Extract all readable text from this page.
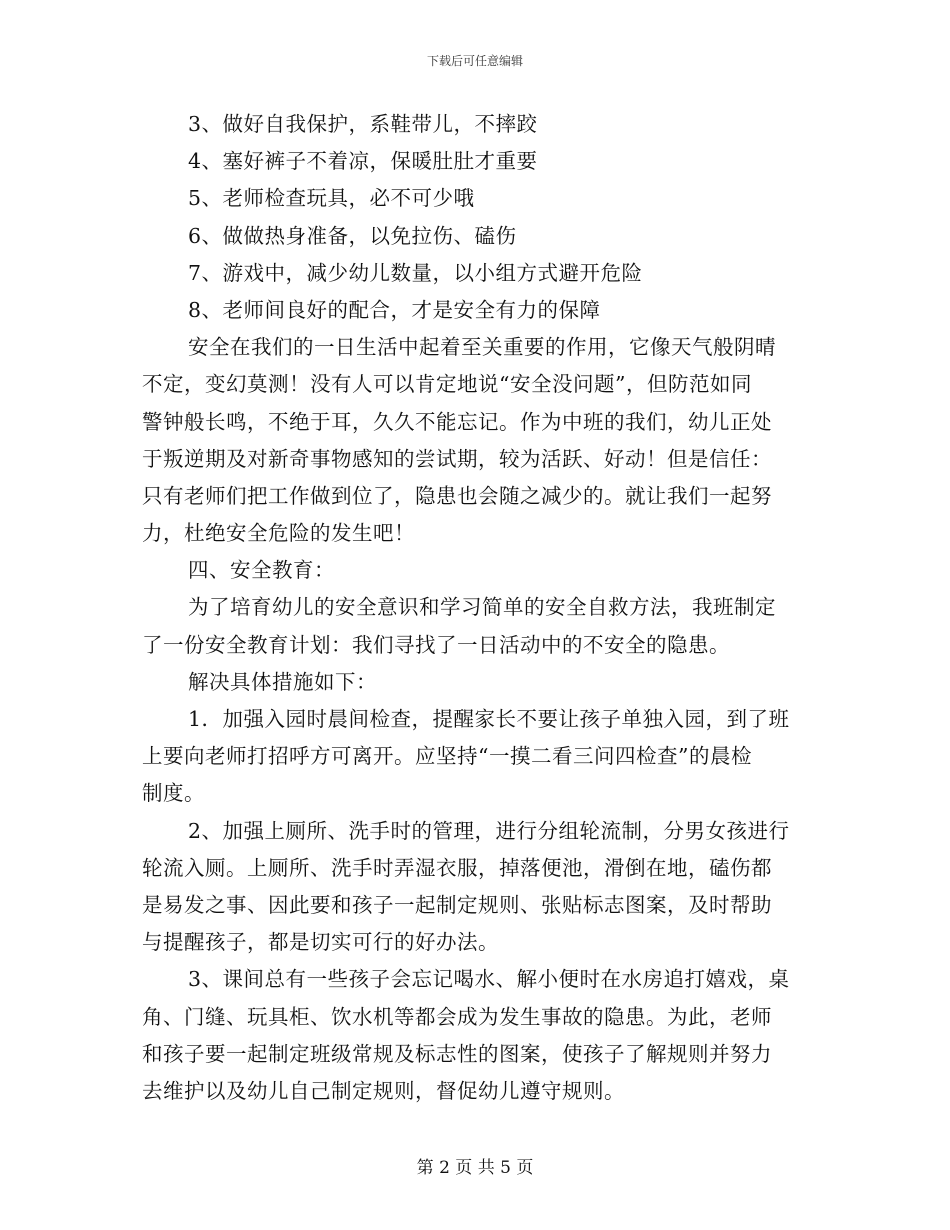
下载后可任意编辑
3、做好自我保护，系鞋带儿，不摔跤
4、塞好裤子不着凉，保暖肚肚才重要
5、老师检查玩具，必不可少哦
6、做做热身准备，以免拉伤、磕伤
7、游戏中，减少幼儿数量，以小组方式避开危险
8、老师间良好的配合，才是安全有力的保障
安全在我们的一日生活中起着至关重要的作用，它像天气般阴晴
不定，变幻莫测！没有人可以肯定地说“安全没问题”，但防范如同
警钟般长鸣，不绝于耳，久久不能忘记。作为中班的我们，幼儿正处
于叛逆期及对新奇事物感知的尝试期，较为活跃、好动！但是信任：
只有老师们把工作做到位了，隐患也会随之减少的。就让我们一起努
力，杜绝安全危险的发生吧！
四、安全教育：
为了培育幼儿的安全意识和学习简单的安全自救方法，我班制定
了一份安全教育计划：我们寻找了一日活动中的不安全的隐患。
解决具体措施如下：
1．加强入园时晨间检查，提醒家长不要让孩子单独入园，到了班
上要向老师打招呼方可离开。应坚持“一摸二看三问四检查”的晨检
制度。
2、加强上厕所、洗手时的管理，进行分组轮流制，分男女孩进行
轮流入厕。上厕所、洗手时弄湿衣服，掉落便池，滑倒在地，磕伤都
是易发之事、因此要和孩子一起制定规则、张贴标志图案，及时帮助
与提醒孩子，都是切实可行的好办法。
3、课间总有一些孩子会忘记喝水、解小便时在水房追打嬉戏，桌
角、门缝、玩具柜、饮水机等都会成为发生事故的隐患。为此，老师
和孩子要一起制定班级常规及标志性的图案，使孩子了解规则并努力
去维护以及幼儿自己制定规则，督促幼儿遵守规则。
第 2 页 共 5 页
